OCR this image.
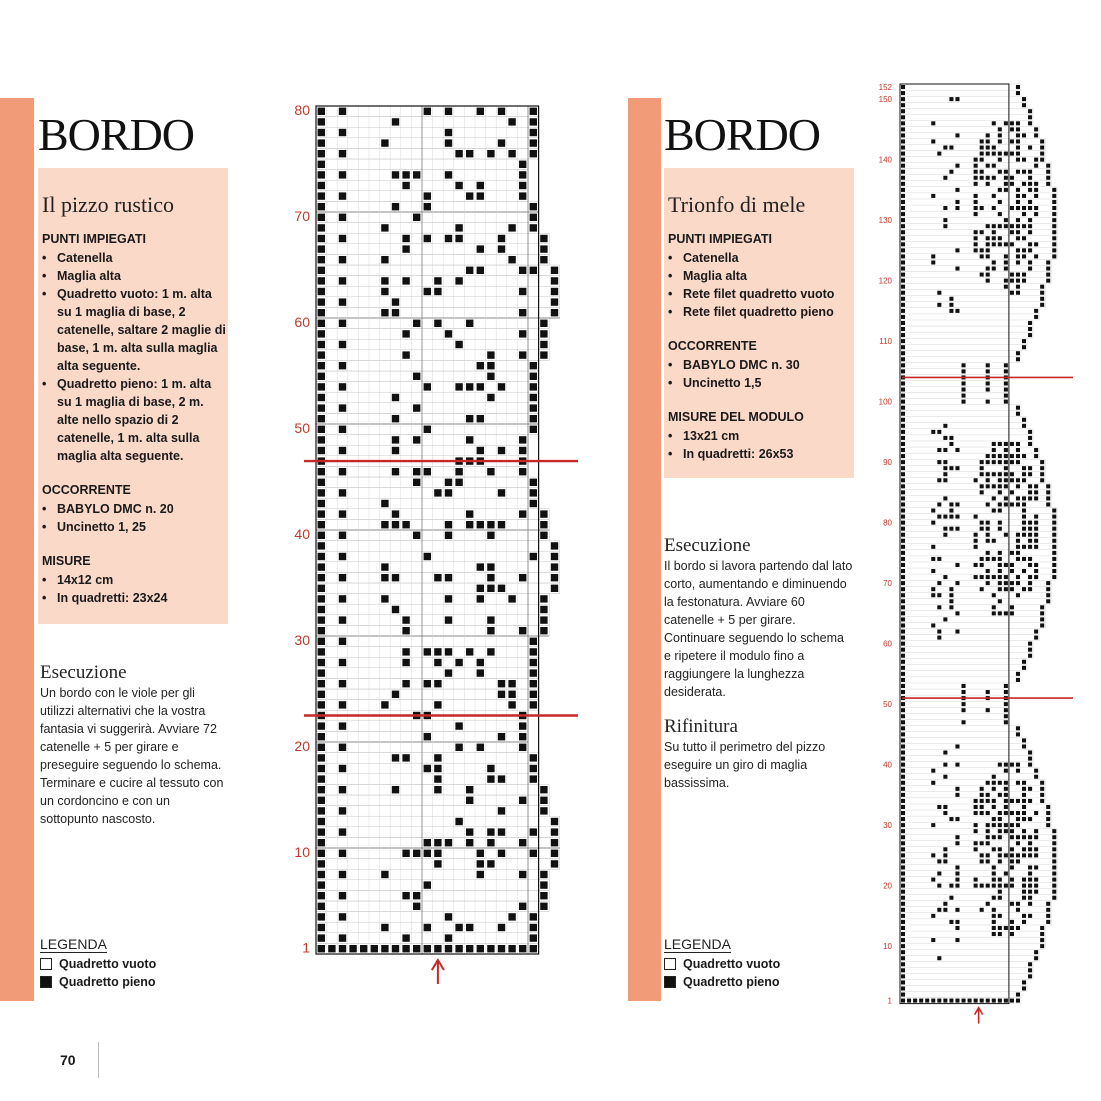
BORDO
Il pizzo rustico
PUNTI IMPIEGATI
• Catenella
• Maglia alta
• Quadretto vuoto: 1 m. alta su 1 maglia di base, 2 catenelle, saltare 2 maglie di base, 1 m. alta sulla maglia alta seguente.
• Quadretto pieno: 1 m. alta su 1 maglia di base, 2 m. alte nello spazio di 2 catenelle, 1 m. alta sulla maglia alta seguente.
OCCORRENTE
• BABYLO DMC n. 20
• Uncinetto 1, 25
MISURE
• 14x12 cm
• In quadretti: 23x24
Esecuzione
Un bordo con le viole per gli utilizzi alternativi che la vostra fantasia vi suggerirà. Avviare 72 catenelle + 5 per girare e preseguire seguendo lo schema. Terminare e cucire al tessuto con un cordoncino e con un sottopunto nascosto.
LEGENDA
Quadretto vuoto
Quadretto pieno
80
70
60
50
40
30
20
10
1
BORDO
Trionfo di mele
PUNTI IMPIEGATI
• Catenella
• Maglia alta
• Rete filet quadretto vuoto
• Rete filet quadretto pieno
OCCORRENTE
• BABYLO DMC n. 30
• Uncinetto 1,5
MISURE DEL MODULO
• 13x21 cm
• In quadretti: 26x53
Esecuzione
Il bordo si lavora partendo dal lato corto, aumentando e diminuendo la festonatura. Avviare 60 catenelle + 5 per girare. Continuare seguendo lo schema e ripetere il modulo fino a raggiungere la lunghezza desiderata.
Rifinitura
Su tutto il perimetro del pizzo eseguire un giro di maglia bassissima.
LEGENDA
Quadretto vuoto
Quadretto pieno
152
150
140
130
120
110
100
90
80
70
60
50
40
30
20
10
1
70
